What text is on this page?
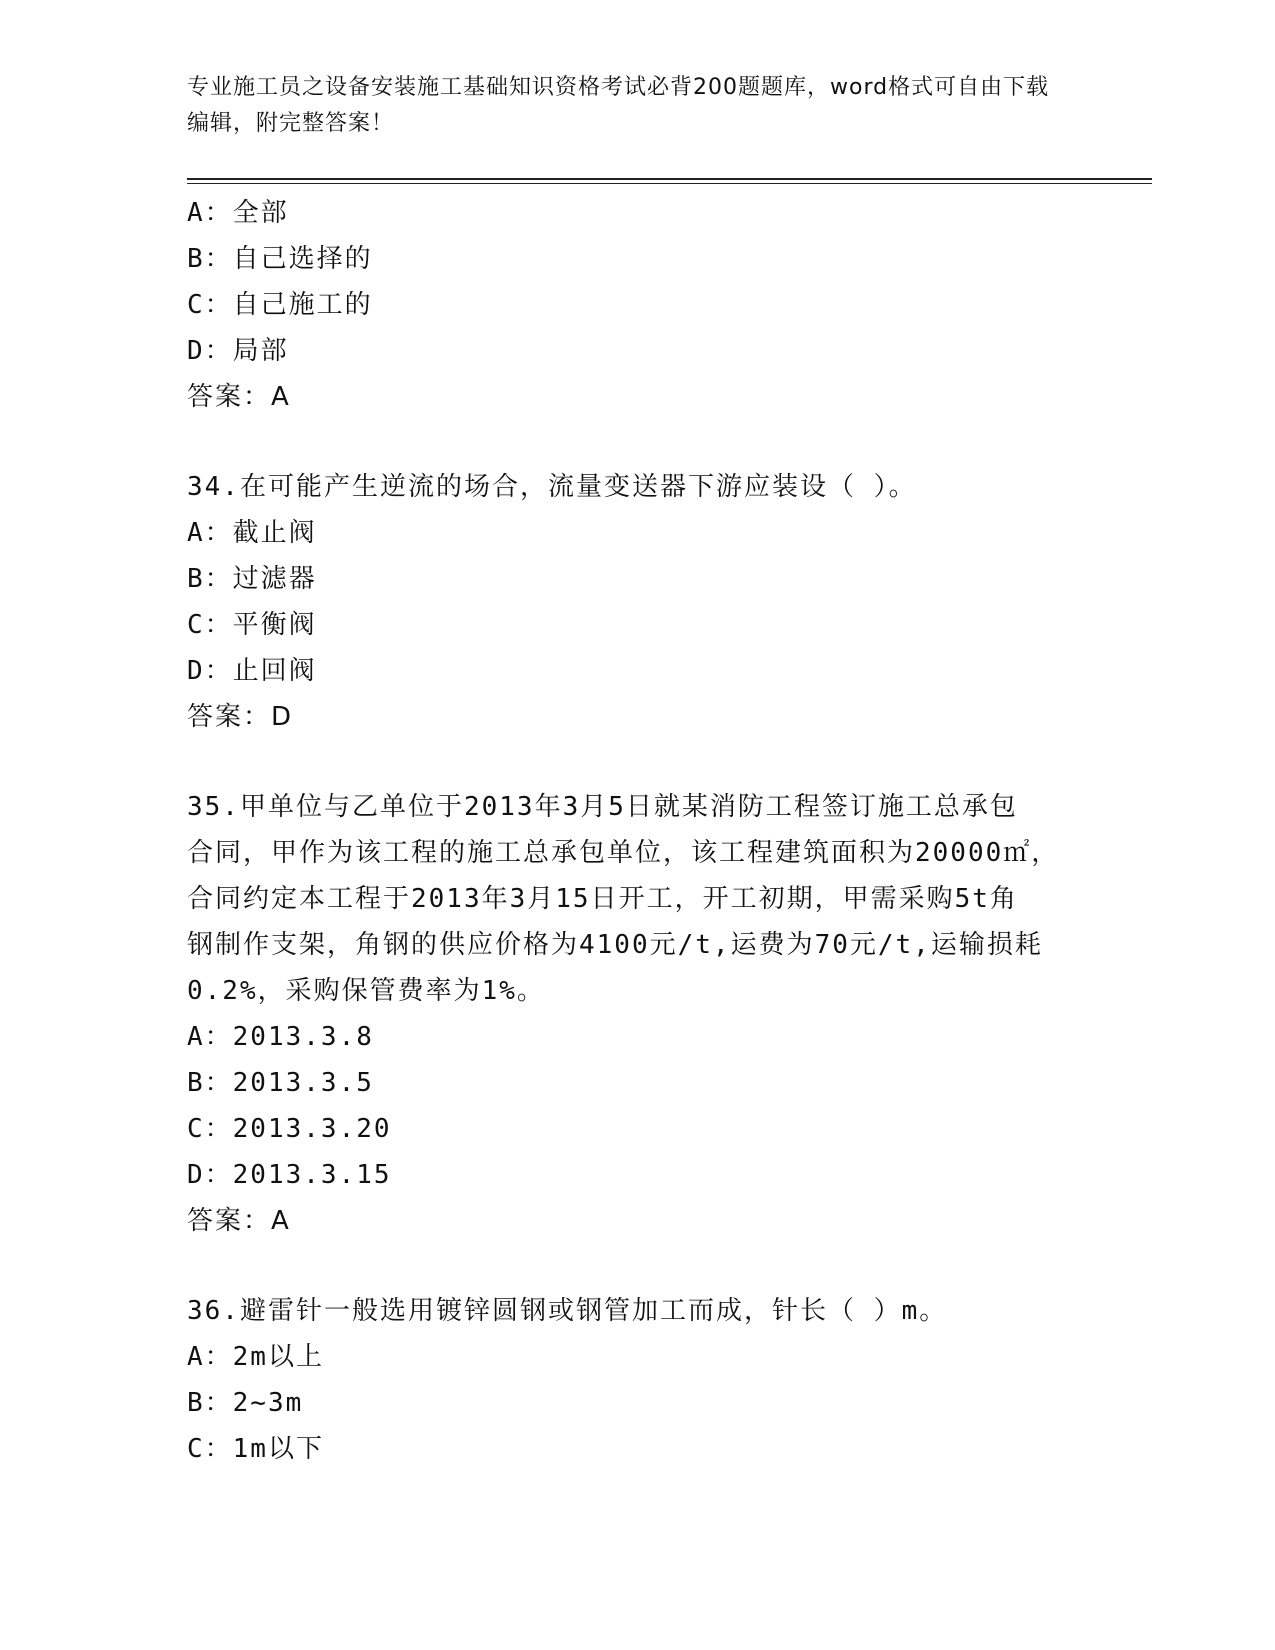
专业施工员之设备安装施工基础知识资格考试必背200题题库，word格式可自由下载编辑，附完整答案！
A：全部
B：自己选择的
C：自己施工的
D：局部
答案：A
34.在可能产生逆流的场合，流量变送器下游应装设（ ）。
A：截止阀
B：过滤器
C：平衡阀
D：止回阀
答案：D
35.甲单位与乙单位于2013年3月5日就某消防工程签订施工总承包
合同，甲作为该工程的施工总承包单位，该工程建筑面积为20000㎡，
合同约定本工程于2013年3月15日开工，开工初期，甲需采购5t角
钢制作支架，角钢的供应价格为4100元/t,运费为70元/t,运输损耗
0.2%，采购保管费率为1%。
A：2013.3.8
B：2013.3.5
C：2013.3.20
D：2013.3.15
答案：A
36.避雷针一般选用镀锌圆钢或钢管加工而成，针长（ ）m。
A：2m以上
B：2~3m
C：1m以下
